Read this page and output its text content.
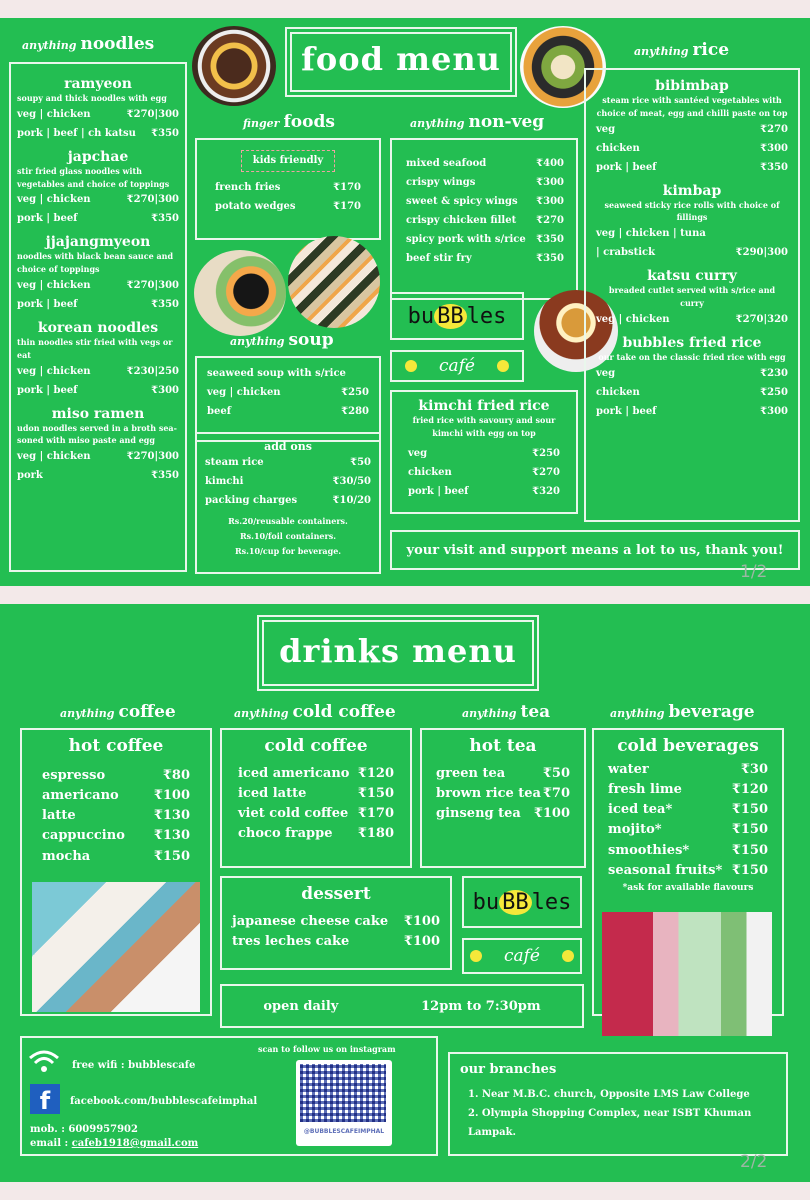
anything noodles
ramyeon
soupy and thick noodles with egg
veg | chicken	₹270|300
pork | beef | ch katsu ₹350
japchae
stir fried glass noodles with vegetables and choice of toppings
veg | chicken	₹270|300
pork | beef	₹350
jjajangmyeon
noodles with black bean sauce and choice of toppings
veg | chicken	₹270|300
pork | beef	₹350
korean noodles
thin noodles stir fried with vegs or eat
veg | chicken	₹230|250
pork | beef	₹300
miso ramen
udon noodles served in a broth sea-soned with miso paste and egg
veg | chicken	₹270|300
pork	₹350
food menu	anything rice
finger foods
kids friendly
french fries	₹170
potato wedges	₹170
anything non-veg
mixed seafood	₹400
crispy wings	₹300
sweet & spicy wings ₹300
crispy chicken fillet ₹270
spicy pork with s/rice ₹350
beef stir fry	₹350
anything soup
seaweed soup with s/rice
veg | chicken	₹250
beef	₹280
add ons
steam rice	₹50
kimchi	₹30/50
packing charges	₹10/20
Rs.20/reusable containers.
Rs.10/foil containers.
Rs.10/cup for beverage.
bu BB les
café
kimchi fried rice
fried rice with savoury and sour kimchi with egg on top
veg	₹250
chicken	₹270
pork | beef	₹320
bibimbap
steam rice with santéed vegetables with choice of meat, egg and chilli paste on top
veg	₹270
chicken	₹300
pork | beef	₹350
kimbap
seaweed sticky rice rolls with choice of fillings
veg | chicken | tuna
| crabstick	₹290|300
katsu curry
breaded cutlet served with s/rice and curry
veg | chicken	₹270|320
bubbles fried rice
our take on the classic fried rice with egg
veg	₹230
chicken	₹250
pork | beef	₹300
your visit and support means a lot to us, thank you!
1/2
drinks menu
anything coffee	anything cold coffee	anything tea	anything beverage
hot coffee
espresso	₹80
americano	₹100
latte	₹130
cappuccino ₹130
mocha	₹150
cold coffee
iced americano ₹120
iced latte	₹150
viet cold coffee ₹170
choco frappe ₹180
hot tea
green tea	₹50
brown rice tea ₹70
ginseng tea ₹100
cold beverages
water	₹30
fresh lime	₹120
iced tea*	₹150
mojito*	₹150
smoothies*	₹150
seasonal fruits* ₹150
*ask for available flavours
dessert
japanese cheese cake ₹100
tres leches cake	₹100
bu BB les
café
open daily	12pm to 7:30pm
free wifi : bubblescafe
f	facebook.com/bubblescafeimphal
mob. : 6009957902
email : cafeb1918@gmail.com
scan to follow us on instagram
@BUBBLESCAFEIMPHAL
our branches
1. Near M.B.C. church, Opposite LMS Law College
2. Olympia Shopping Complex, near ISBT Khuman Lampak.
2/2
